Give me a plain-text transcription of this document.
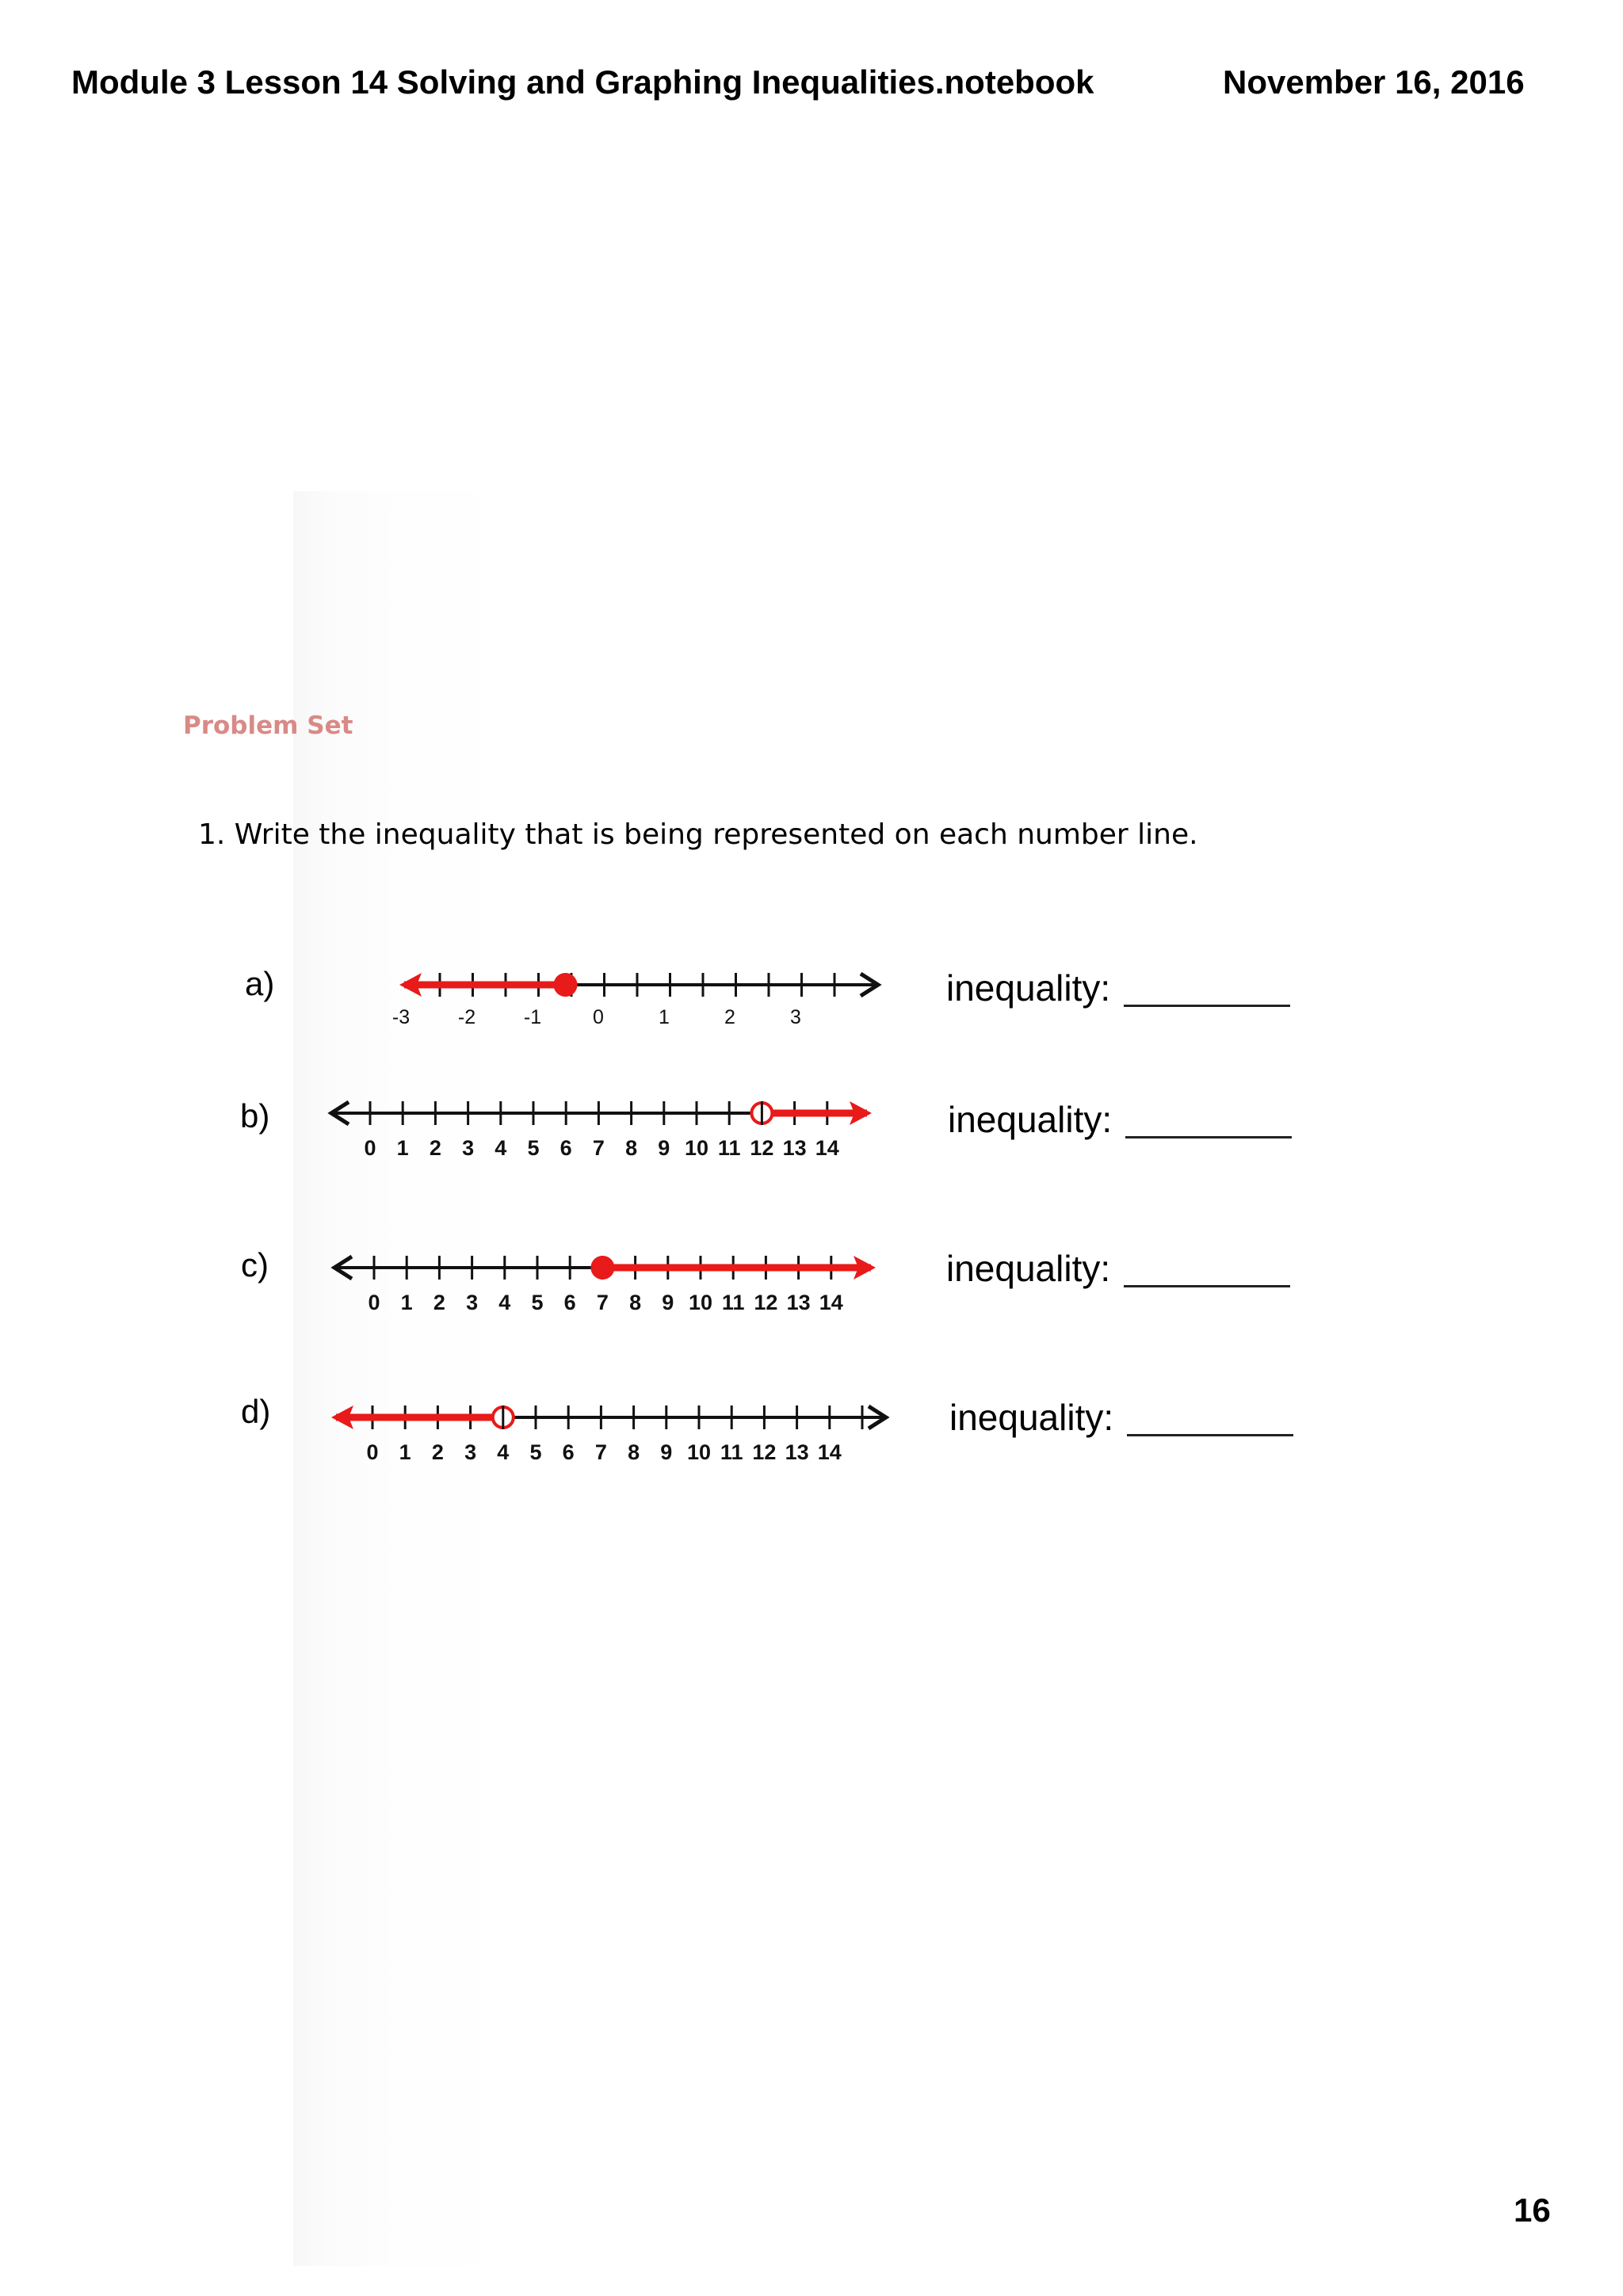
Module 3 Lesson 14 Solving and Graphing Inequalities.notebook	November 16, 2016
Problem Set
1. Write the inequality that is being represented on each number line.
a)
-3 -2 -1	0	1	2	3
inequality:
b)
0 1 2 3 4 5 6 7 8 9 10 11 12 13 14
inequality:
c)
0 1 2 3 4 5 6 7 8 9 10 11 12 13 14
inequality:
d)
0 1 2 3 4 5 6 7 8 9 10 11 12 13 14
inequality:
16
